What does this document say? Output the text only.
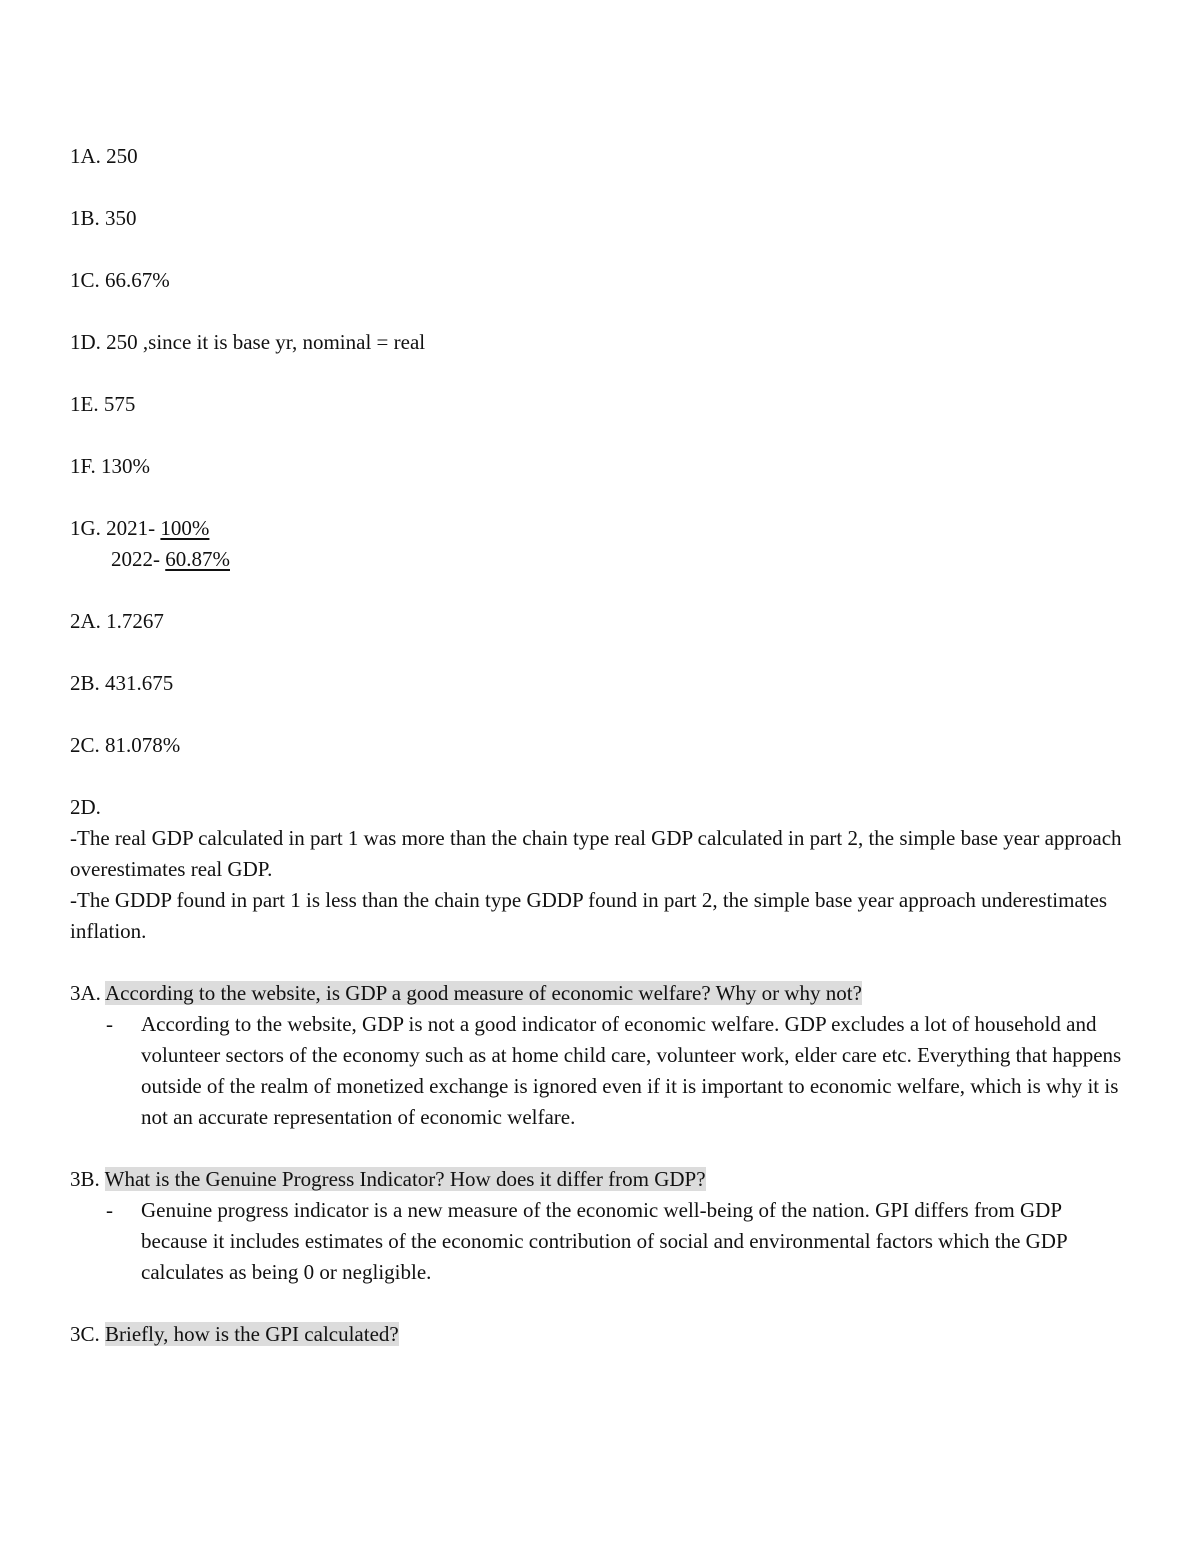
1A. 250
1B. 350
1C. 66.67%
1D. 250 ,since it is base yr, nominal = real
1E. 575
1F. 130%
1G. 2021- 100%
2022- 60.87%
2A. 1.7267
2B. 431.675
2C. 81.078%
2D.
-The real GDP calculated in part 1 was more than the chain type real GDP calculated in part 2, the simple base year approach overestimates real GDP.
-The GDDP found in part 1 is less than the chain type GDDP found in part 2, the simple base year approach underestimates inflation.
3A. According to the website, is GDP a good measure of economic welfare? Why or why not?
-	According to the website, GDP is not a good indicator of economic welfare. GDP excludes a lot of household and volunteer sectors of the economy such as at home child care, volunteer work, elder care etc. Everything that happens outside of the realm of monetized exchange is ignored even if it is important to economic welfare, which is why it is not an accurate representation of economic welfare.
3B. What is the Genuine Progress Indicator? How does it differ from GDP?
-	Genuine progress indicator is a new measure of the economic well-being of the nation. GPI differs from GDP because it includes estimates of the economic contribution of social and environmental factors which the GDP calculates as being 0 or negligible.
3C. Briefly, how is the GPI calculated?
